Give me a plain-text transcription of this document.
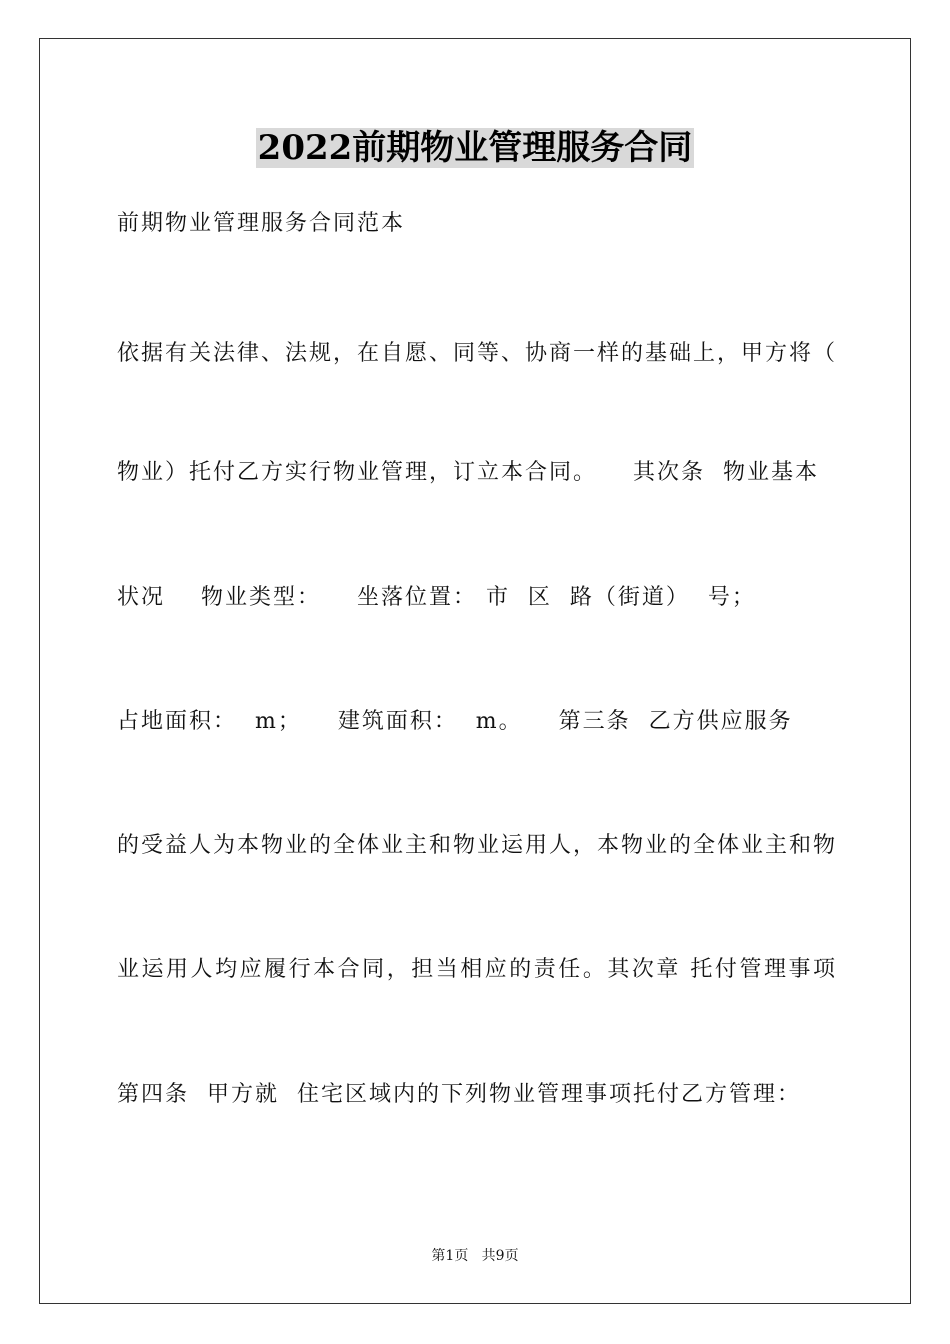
2022前期物业管理服务合同
前期物业管理服务合同范本
依据有关法律、法规，在自愿、同等、协商一样的基础上，甲方将（
物业）托付乙方实行物业管理，订立本合同。    其次条  物业基本
状况    物业类型：    坐落位置： 市  区  路（街道）  号；
占地面积：  m；    建筑面积：  m。    第三条  乙方供应服务
的受益人为本物业的全体业主和物业运用人，本物业的全体业主和物
业运用人均应履行本合同，担当相应的责任。其次章 托付管理事项
第四条  甲方就  住宅区域内的下列物业管理事项托付乙方管理：
第1页   共9页
